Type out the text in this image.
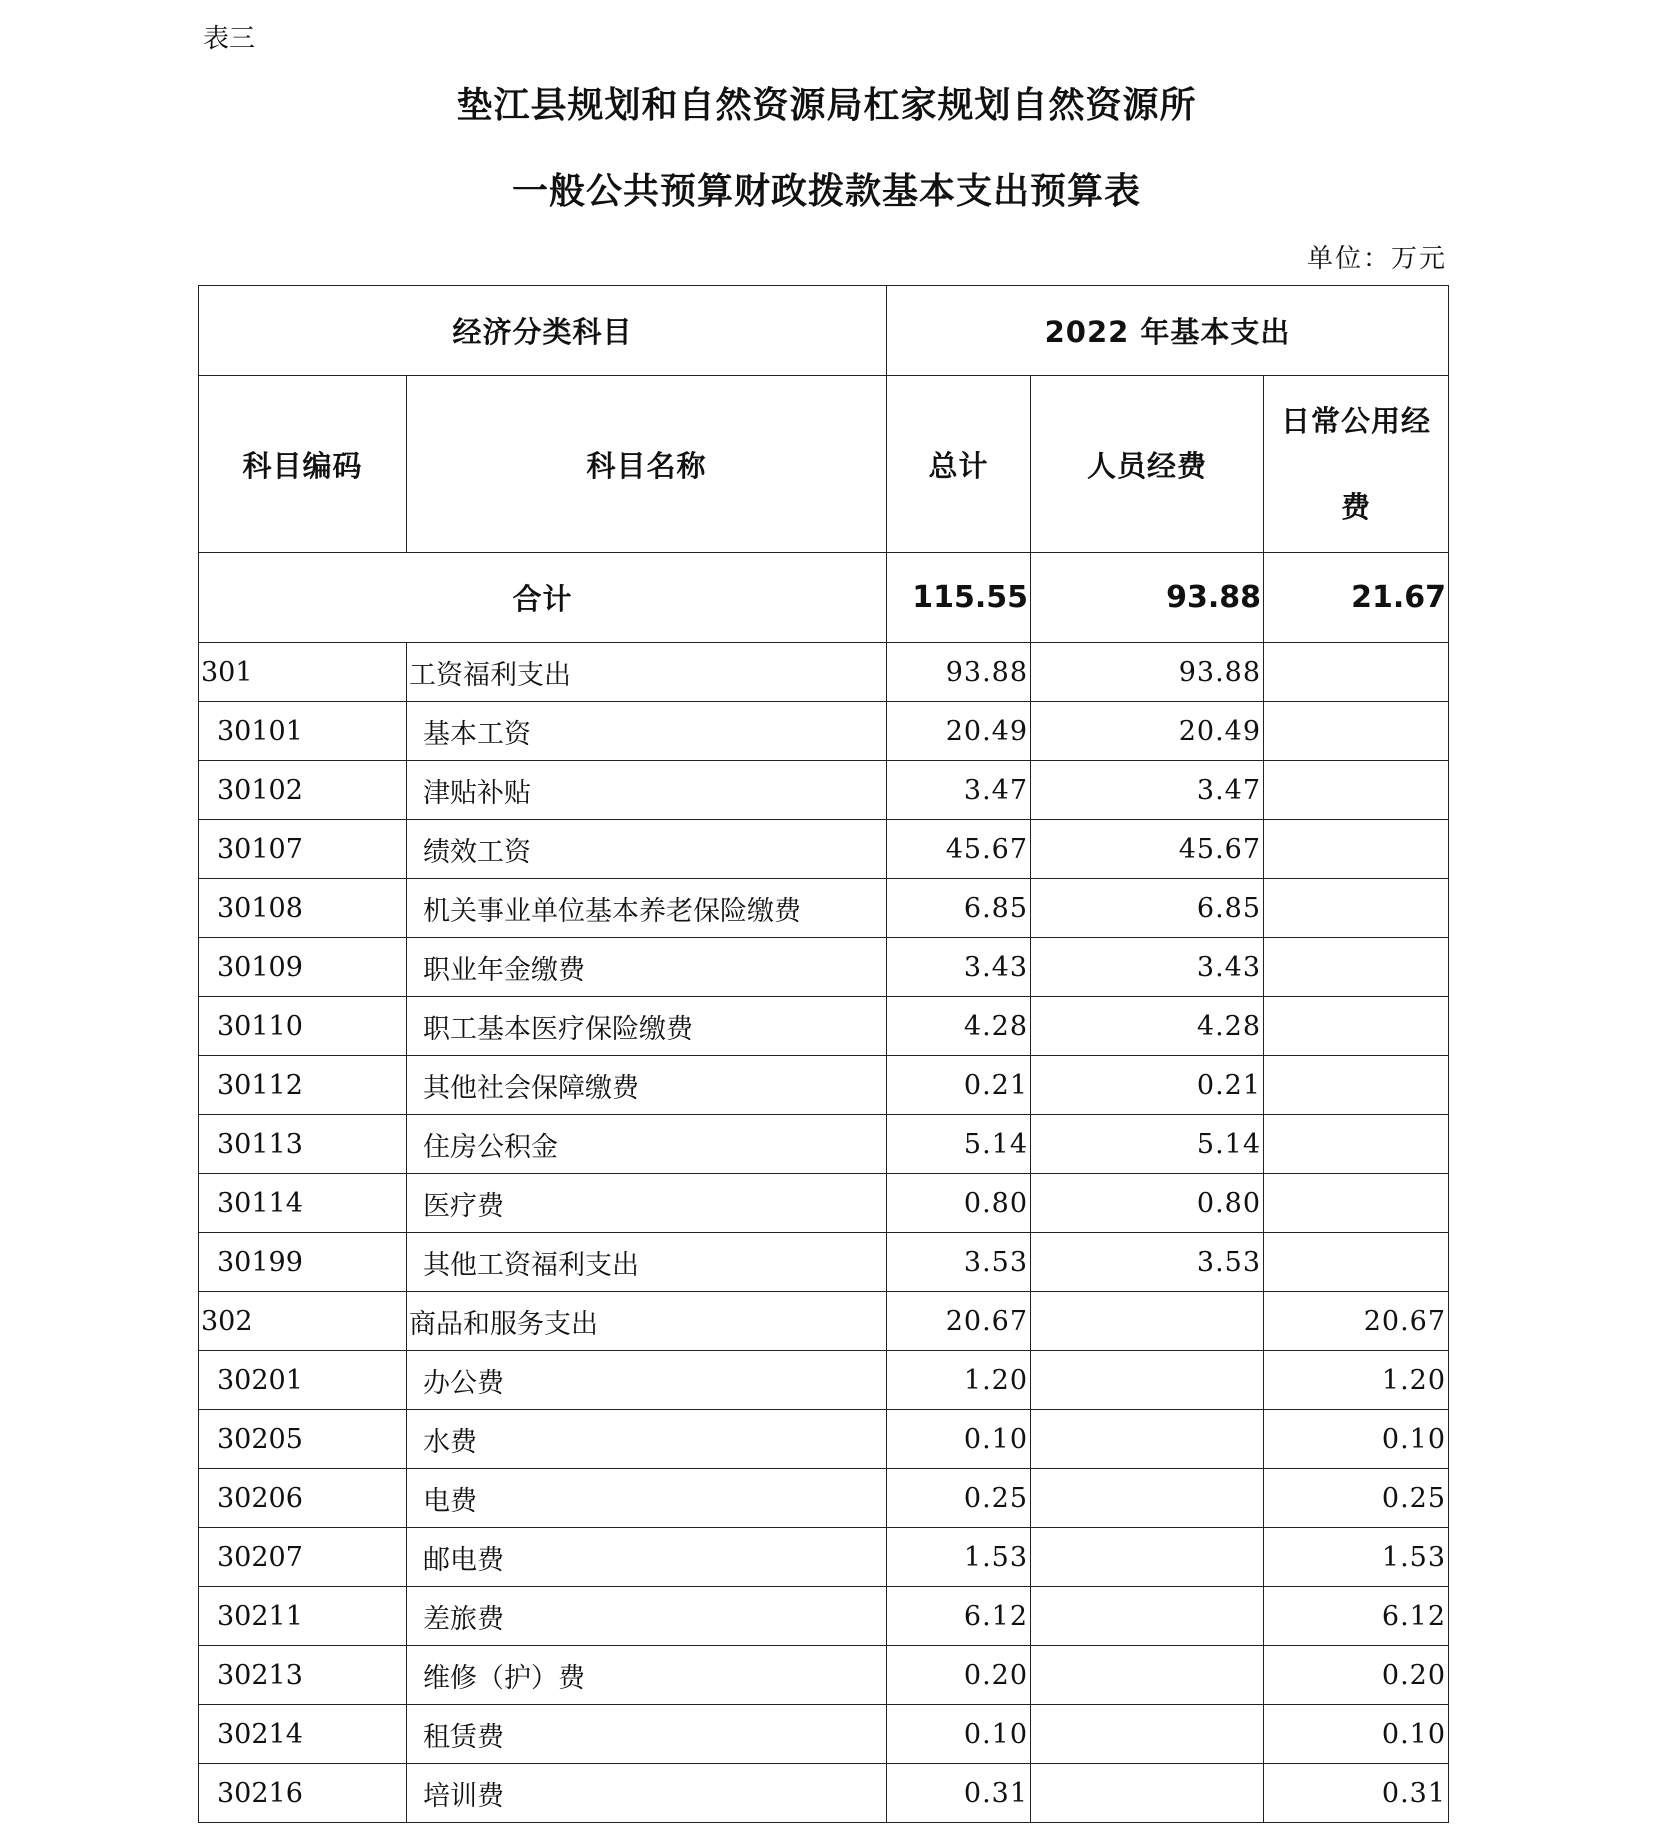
表三
垫江县规划和自然资源局杠家规划自然资源所
一般公共预算财政拨款基本支出预算表
单位：万元
经济分类科目		2022 年基本支出		
科目编码	科目名称	总计	人员经费	日常公用经
费

合计		115.55	93.88	21.67
301	工资福利支出	93.88	93.88	
30101	基本工资	20.49	20.49	
30102	津贴补贴	3.47	3.47	
30107	绩效工资	45.67	45.67	
30108	机关事业单位基本养老保险缴费	6.85	6.85	
30109	职业年金缴费	3.43	3.43	
30110	职工基本医疗保险缴费	4.28	4.28	
30112	其他社会保障缴费	0.21	0.21	
30113	住房公积金	5.14	5.14	
30114	医疗费	0.80	0.80	
30199	其他工资福利支出	3.53	3.53	
302	商品和服务支出	20.67		20.67
30201	办公费	1.20		1.20
30205	水费	0.10		0.10
30206	电费	0.25		0.25
30207	邮电费	1.53		1.53
30211	差旅费	6.12		6.12
30213	维修（护）费	0.20		0.20
30214	租赁费	0.10		0.10
30216	培训费	0.31		0.31
